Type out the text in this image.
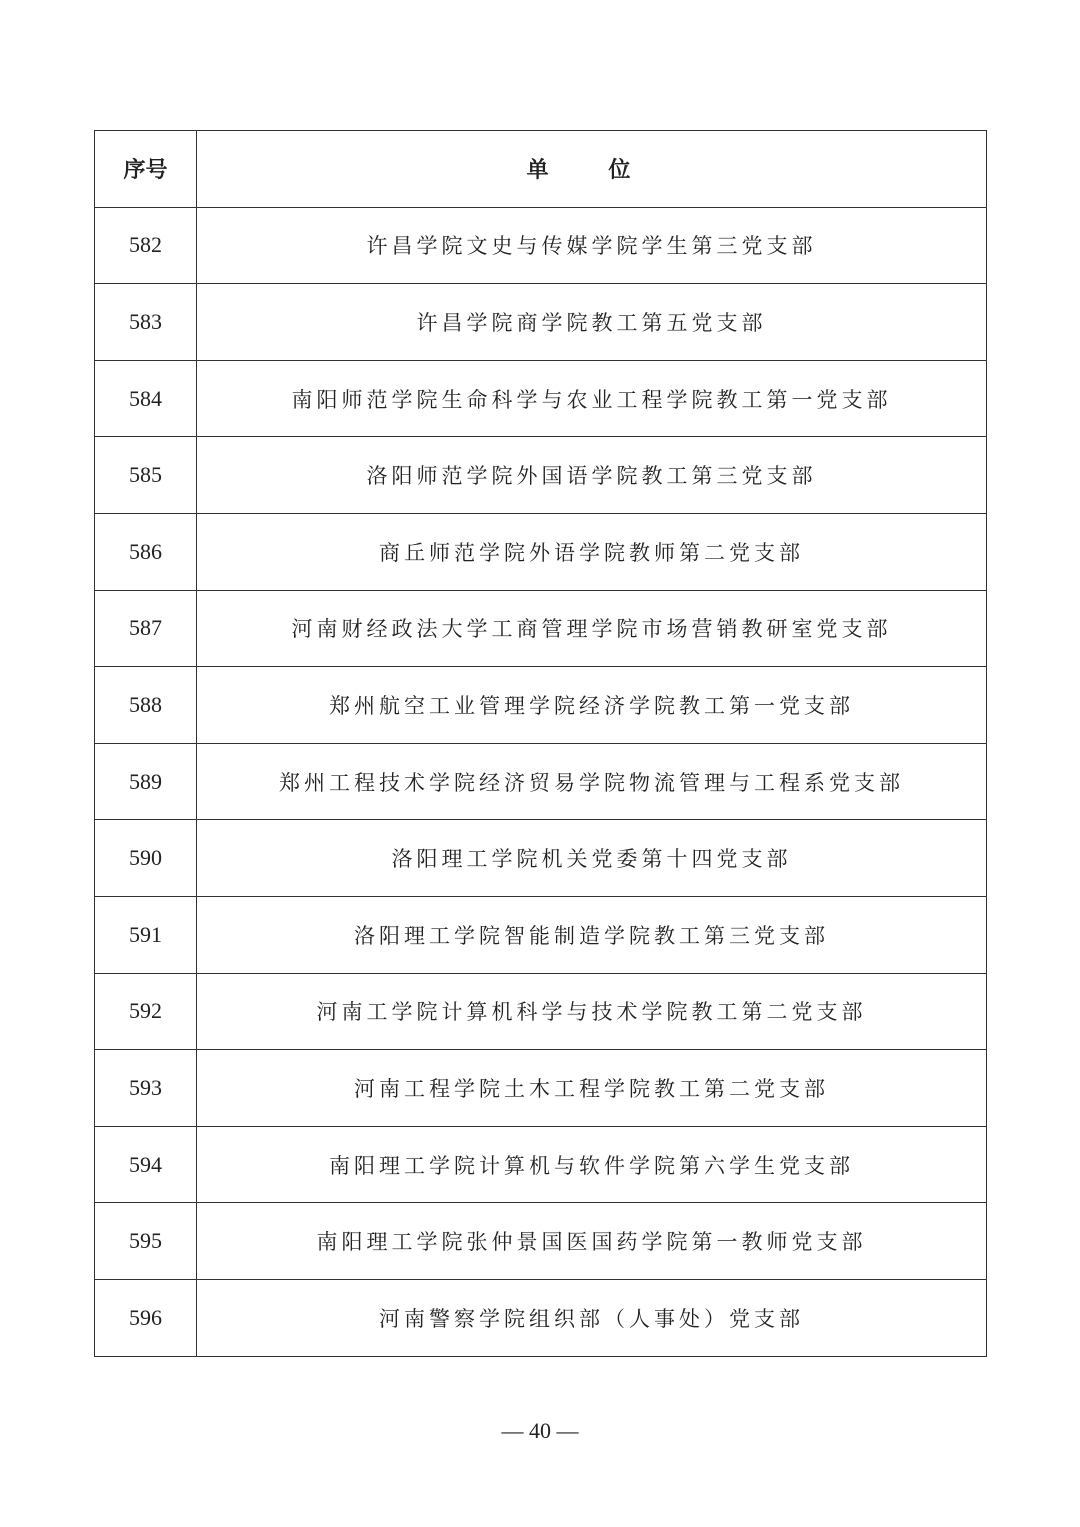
序号	单 位
582	许昌学院文史与传媒学院学生第三党支部
583	许昌学院商学院教工第五党支部
584	南阳师范学院生命科学与农业工程学院教工第一党支部
585	洛阳师范学院外国语学院教工第三党支部
586	商丘师范学院外语学院教师第二党支部
587	河南财经政法大学工商管理学院市场营销教研室党支部
588	郑州航空工业管理学院经济学院教工第一党支部
589	郑州工程技术学院经济贸易学院物流管理与工程系党支部
590	洛阳理工学院机关党委第十四党支部
591	洛阳理工学院智能制造学院教工第三党支部
592	河南工学院计算机科学与技术学院教工第二党支部
593	河南工程学院土木工程学院教工第二党支部
594	南阳理工学院计算机与软件学院第六学生党支部
595	南阳理工学院张仲景国医国药学院第一教师党支部
596	河南警察学院组织部（人事处）党支部
— 40 —
